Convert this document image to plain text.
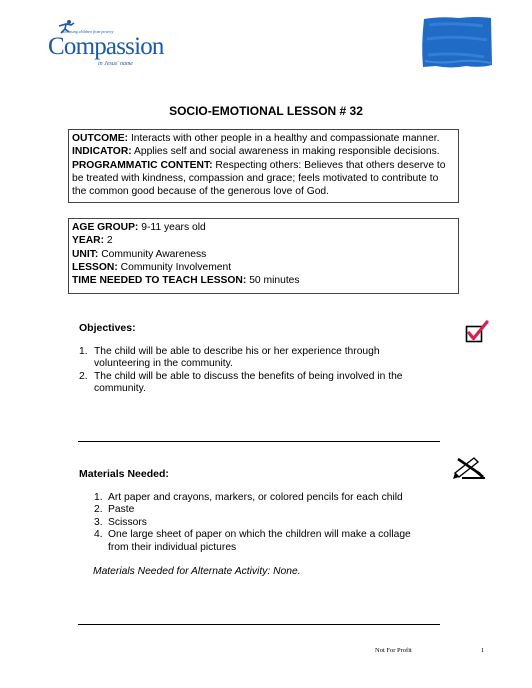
Releasing children from poverty
Compassion
in Jesus' name
SOCIO-EMOTIONAL LESSON # 32
OUTCOME: Interacts with other people in a healthy and compassionate manner.
INDICATOR: Applies self and social awareness in making responsible decisions.
PROGRAMMATIC CONTENT: Respecting others: Believes that others deserve to be treated with kindness, compassion and grace; feels motivated to contribute to the common good because of the generous love of God.
AGE GROUP: 9-11 years old
YEAR: 2
UNIT: Community Awareness
LESSON: Community Involvement
TIME NEEDED TO TEACH LESSON: 50 minutes
Objectives:
1. The child will be able to describe his or her experience through volunteering in the community.
2. The child will be able to discuss the benefits of being involved in the community.
Materials Needed:
1. Art paper and crayons, markers, or colored pencils for each child
2. Paste
3. Scissors
4. One large sheet of paper on which the children will make a collage from their individual pictures
Materials Needed for Alternate Activity: None.
Not For Profit	1
